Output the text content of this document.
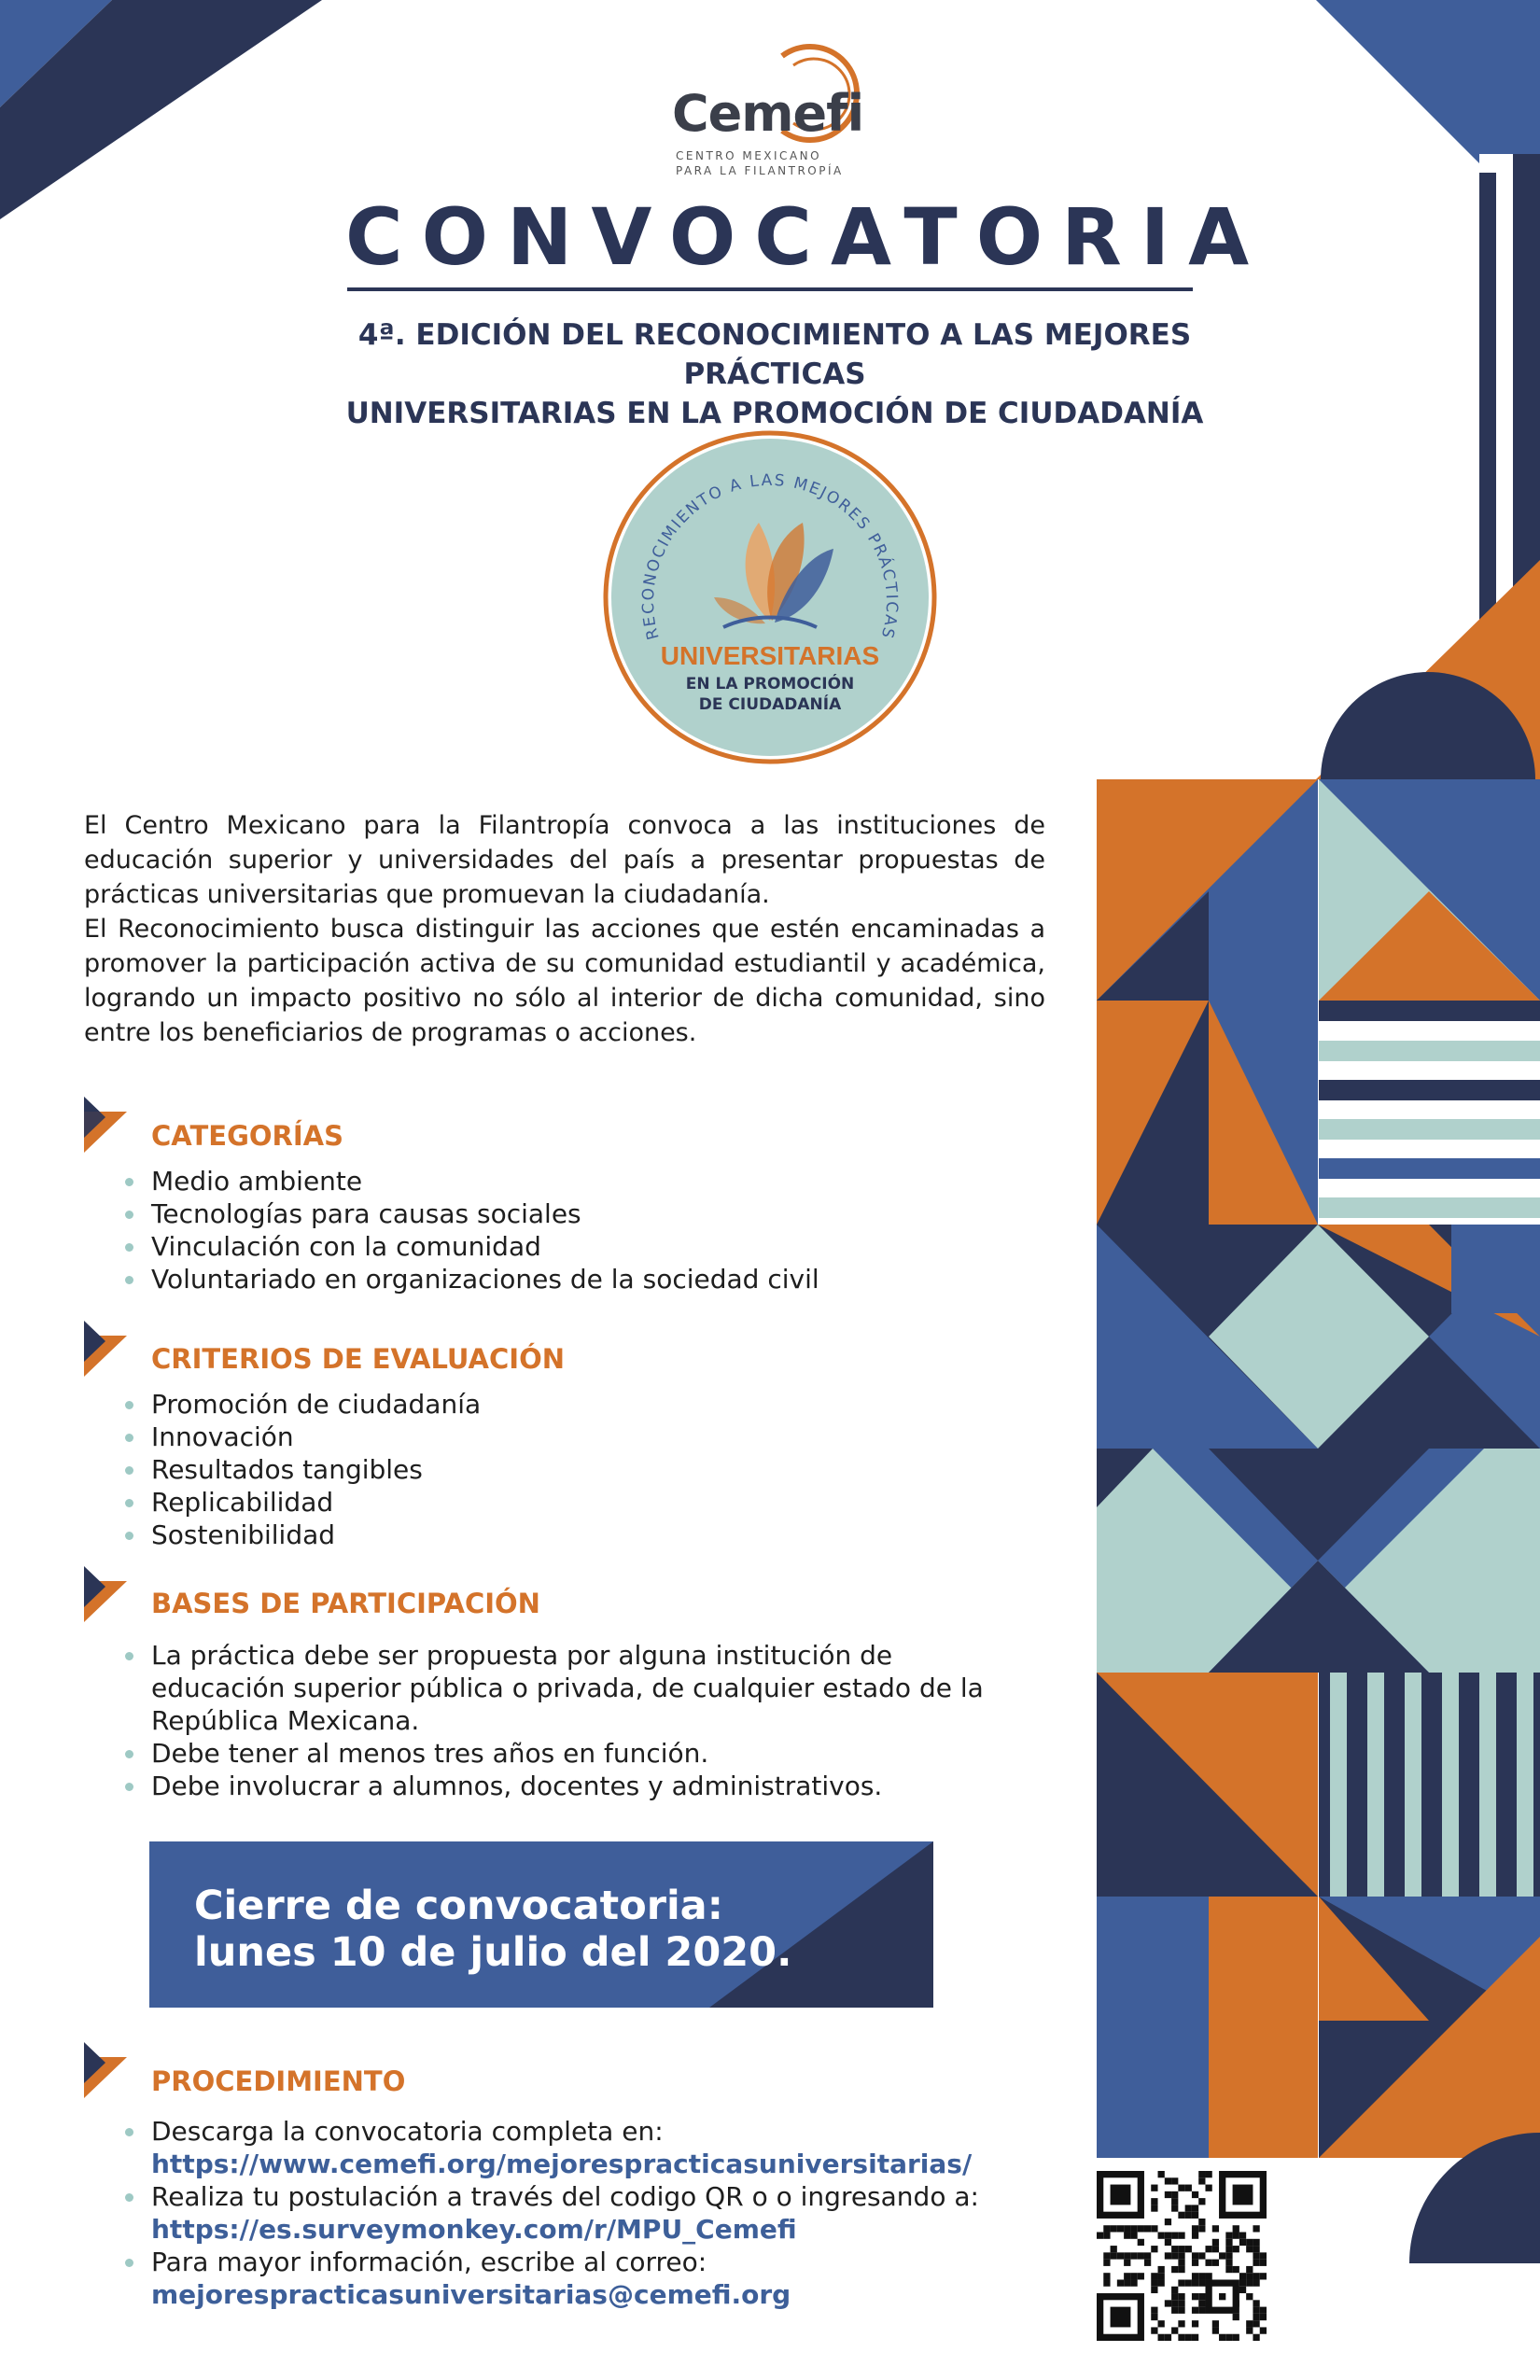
Cemefi
CENTRO MEXICANO
PARA LA FILANTROPÍA
CONVOCATORIA
4ª. EDICIÓN DEL RECONOCIMIENTO A LAS MEJORES PRÁCTICAS
UNIVERSITARIAS EN LA PROMOCIÓN DE CIUDADANÍA
RECONOCIMIENTO A LAS MEJORES PRÁCTICAS
UNIVERSITARIAS
EN LA PROMOCIÓN
DE CIUDADANÍA

El Centro Mexicano para la Filantropía convoca a las instituciones de educación superior y universidades del país a presentar propuestas de prácticas universitarias que promuevan la ciudadanía.

El Reconocimiento busca distinguir las acciones que estén encaminadas a promover la participación activa de su comunidad estudiantil y académica, logrando un impacto positivo no sólo al interior de dicha comunidad, sino entre los beneficiarios de programas o acciones.

CATEGORÍAS
Medio ambiente
Tecnologías para causas sociales
Vinculación con la comunidad
Voluntariado en organizaciones de la sociedad civil
CRITERIOS DE EVALUACIÓN
Promoción de ciudadanía
Innovación
Resultados tangibles
Replicabilidad
Sostenibilidad
BASES DE PARTICIPACIÓN
La práctica debe ser propuesta por alguna institución de educación superior pública o privada, de cualquier estado de la República Mexicana.
Debe tener al menos tres años en función.
Debe involucrar a alumnos, docentes y administrativos.
Cierre de convocatoria:
lunes 10 de julio del 2020.
PROCEDIMIENTO
Descarga la convocatoria completa en:
https://www.cemefi.org/mejorespracticasuniversitarias/
Realiza tu postulación a través del codigo QR o o ingresando a:
https://es.surveymonkey.com/r/MPU_Cemefi
Para mayor información, escribe al correo:
mejorespracticasuniversitarias@cemefi.org
